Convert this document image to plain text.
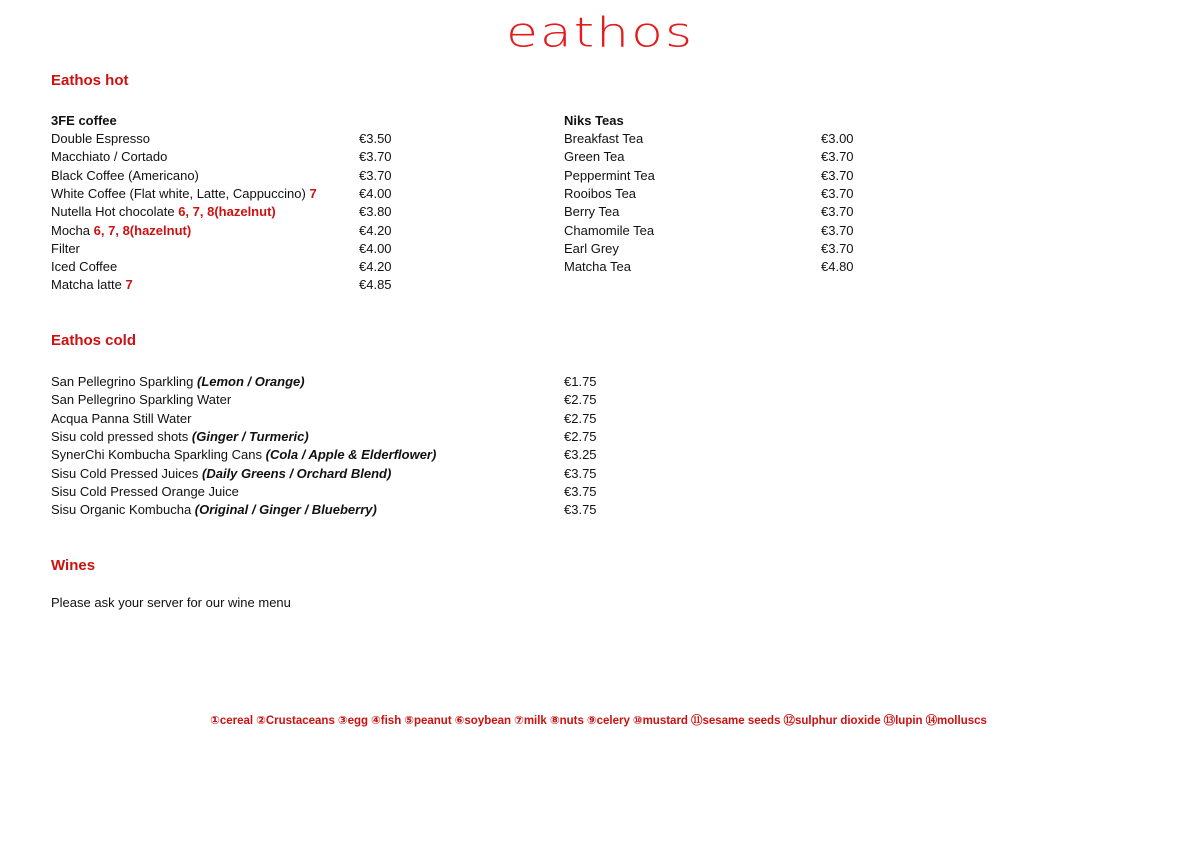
eathos
Eathos hot
3FE coffee
Double Espresso	€3.50
Macchiato / Cortado	€3.70
Black Coffee (Americano)	€3.70
White Coffee (Flat white, Latte, Cappuccino) 7	€4.00
Nutella Hot chocolate 6, 7, 8(hazelnut)	€3.80
Mocha 6, 7, 8(hazelnut)	€4.20
Filter	€4.00
Iced Coffee	€4.20
Matcha latte 7	€4.85
Niks Teas
Breakfast Tea	€3.00
Green Tea	€3.70
Peppermint Tea	€3.70
Rooibos Tea	€3.70
Berry Tea	€3.70
Chamomile Tea	€3.70
Earl Grey	€3.70
Matcha Tea	€4.80
Eathos cold
San Pellegrino Sparkling (Lemon / Orange)	€1.75
San Pellegrino Sparkling Water	€2.75
Acqua Panna Still Water	€2.75
Sisu cold pressed shots (Ginger / Turmeric)	€2.75
SynerChi Kombucha Sparkling Cans (Cola / Apple & Elderflower)	€3.25
Sisu Cold Pressed Juices (Daily Greens / Orchard Blend)	€3.75
Sisu Cold Pressed Orange Juice	€3.75
Sisu Organic Kombucha (Original / Ginger / Blueberry)	€3.75
Wines
Please ask your server for our wine menu
①cereal ②Crustaceans ③egg ④fish ⑤peanut ⑥soybean ⑦milk ⑧nuts ⑨celery ⑩mustard ⑪sesame seeds ⑫sulphur dioxide ⑬lupin ⑭molluscs
